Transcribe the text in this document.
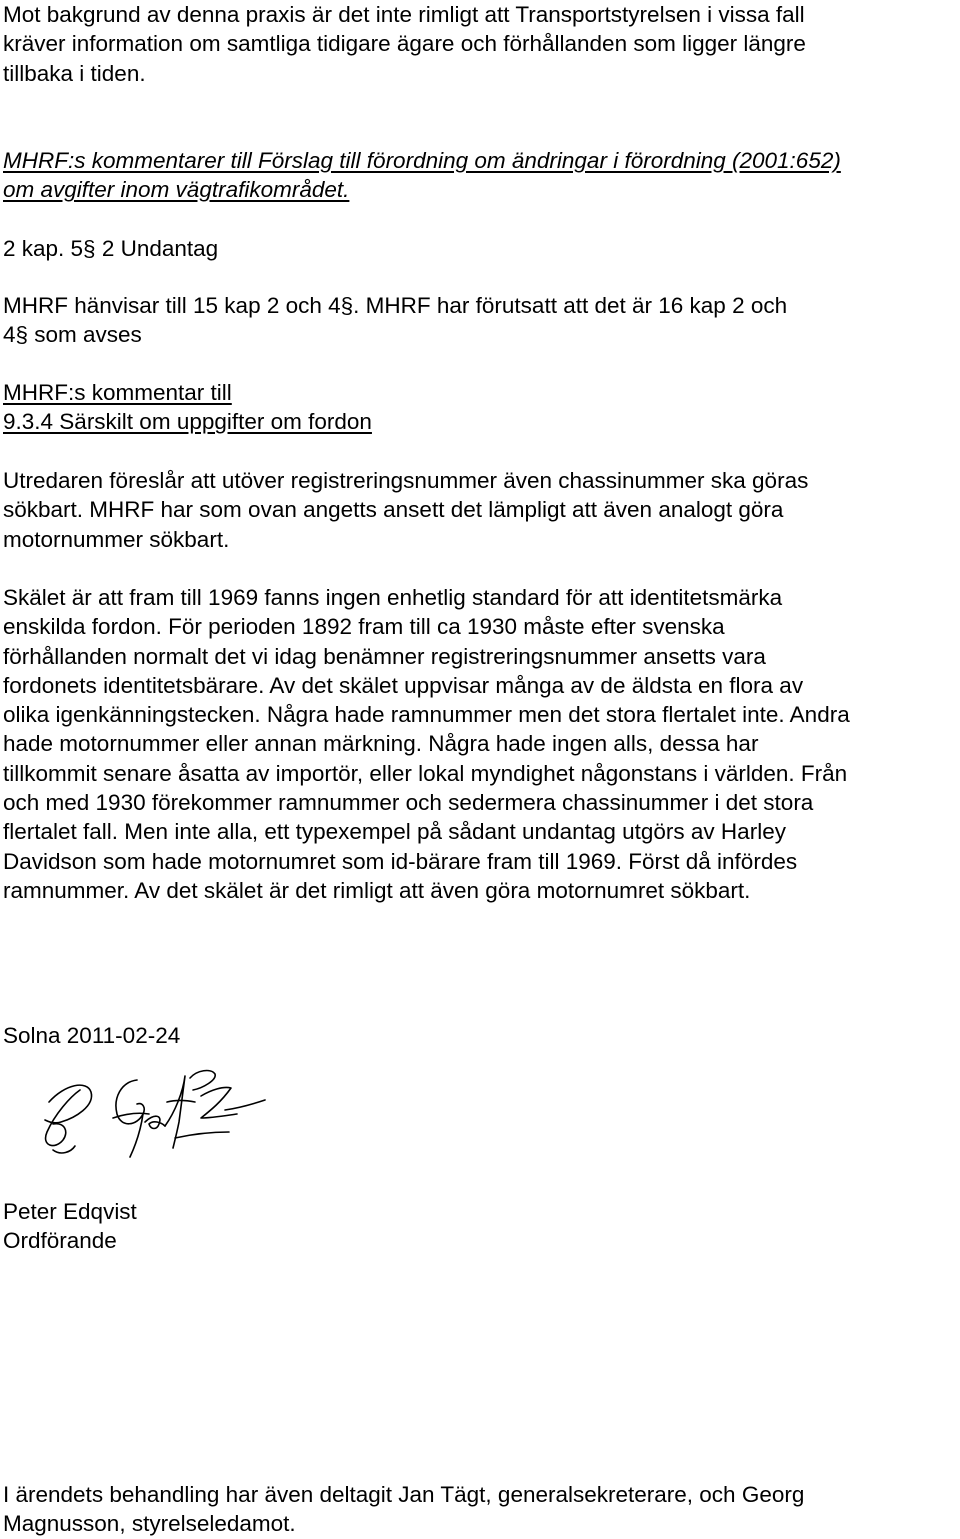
Mot bakgrund av denna praxis är det inte rimligt att Transportstyrelsen i vissa fall
kräver information om samtliga tidigare ägare och förhållanden som ligger längre
tillbaka i tiden.
MHRF:s kommentarer till Förslag till förordning om ändringar i förordning (2001:652)
om avgifter inom vägtrafikområdet.
2 kap. 5§ 2 Undantag
MHRF hänvisar till 15 kap 2 och 4§. MHRF har förutsatt att det är 16 kap 2 och
4§ som avses
MHRF:s kommentar till
9.3.4 Särskilt om uppgifter om fordon
Utredaren föreslår att utöver registreringsnummer även chassinummer ska göras
sökbart. MHRF har som ovan angetts ansett det lämpligt att även analogt göra
motornummer sökbart.
Skälet är att fram till 1969 fanns ingen enhetlig standard för att identitetsmärka
enskilda fordon. För perioden 1892 fram till ca 1930 måste efter svenska
förhållanden normalt det vi idag benämner registreringsnummer ansetts vara
fordonets identitetsbärare. Av det skälet uppvisar många av de äldsta en flora av
olika igenkänningstecken. Några hade ramnummer men det stora flertalet inte. Andra
hade motornummer eller annan märkning. Några hade ingen alls, dessa har
tillkommit senare åsatta av importör, eller lokal myndighet någonstans i världen. Från
och med 1930 förekommer ramnummer och sedermera chassinummer i det stora
flertalet fall. Men inte alla, ett typexempel på sådant undantag utgörs av Harley
Davidson som hade motornumret som id-bärare fram till 1969. Först då infördes
ramnummer. Av det skälet är det rimligt att även göra motornumret sökbart.
Solna 2011-02-24
Peter Edqvist
Ordförande
I ärendets behandling har även deltagit Jan Tägt, generalsekreterare, och Georg
Magnusson, styrelseledamot.
